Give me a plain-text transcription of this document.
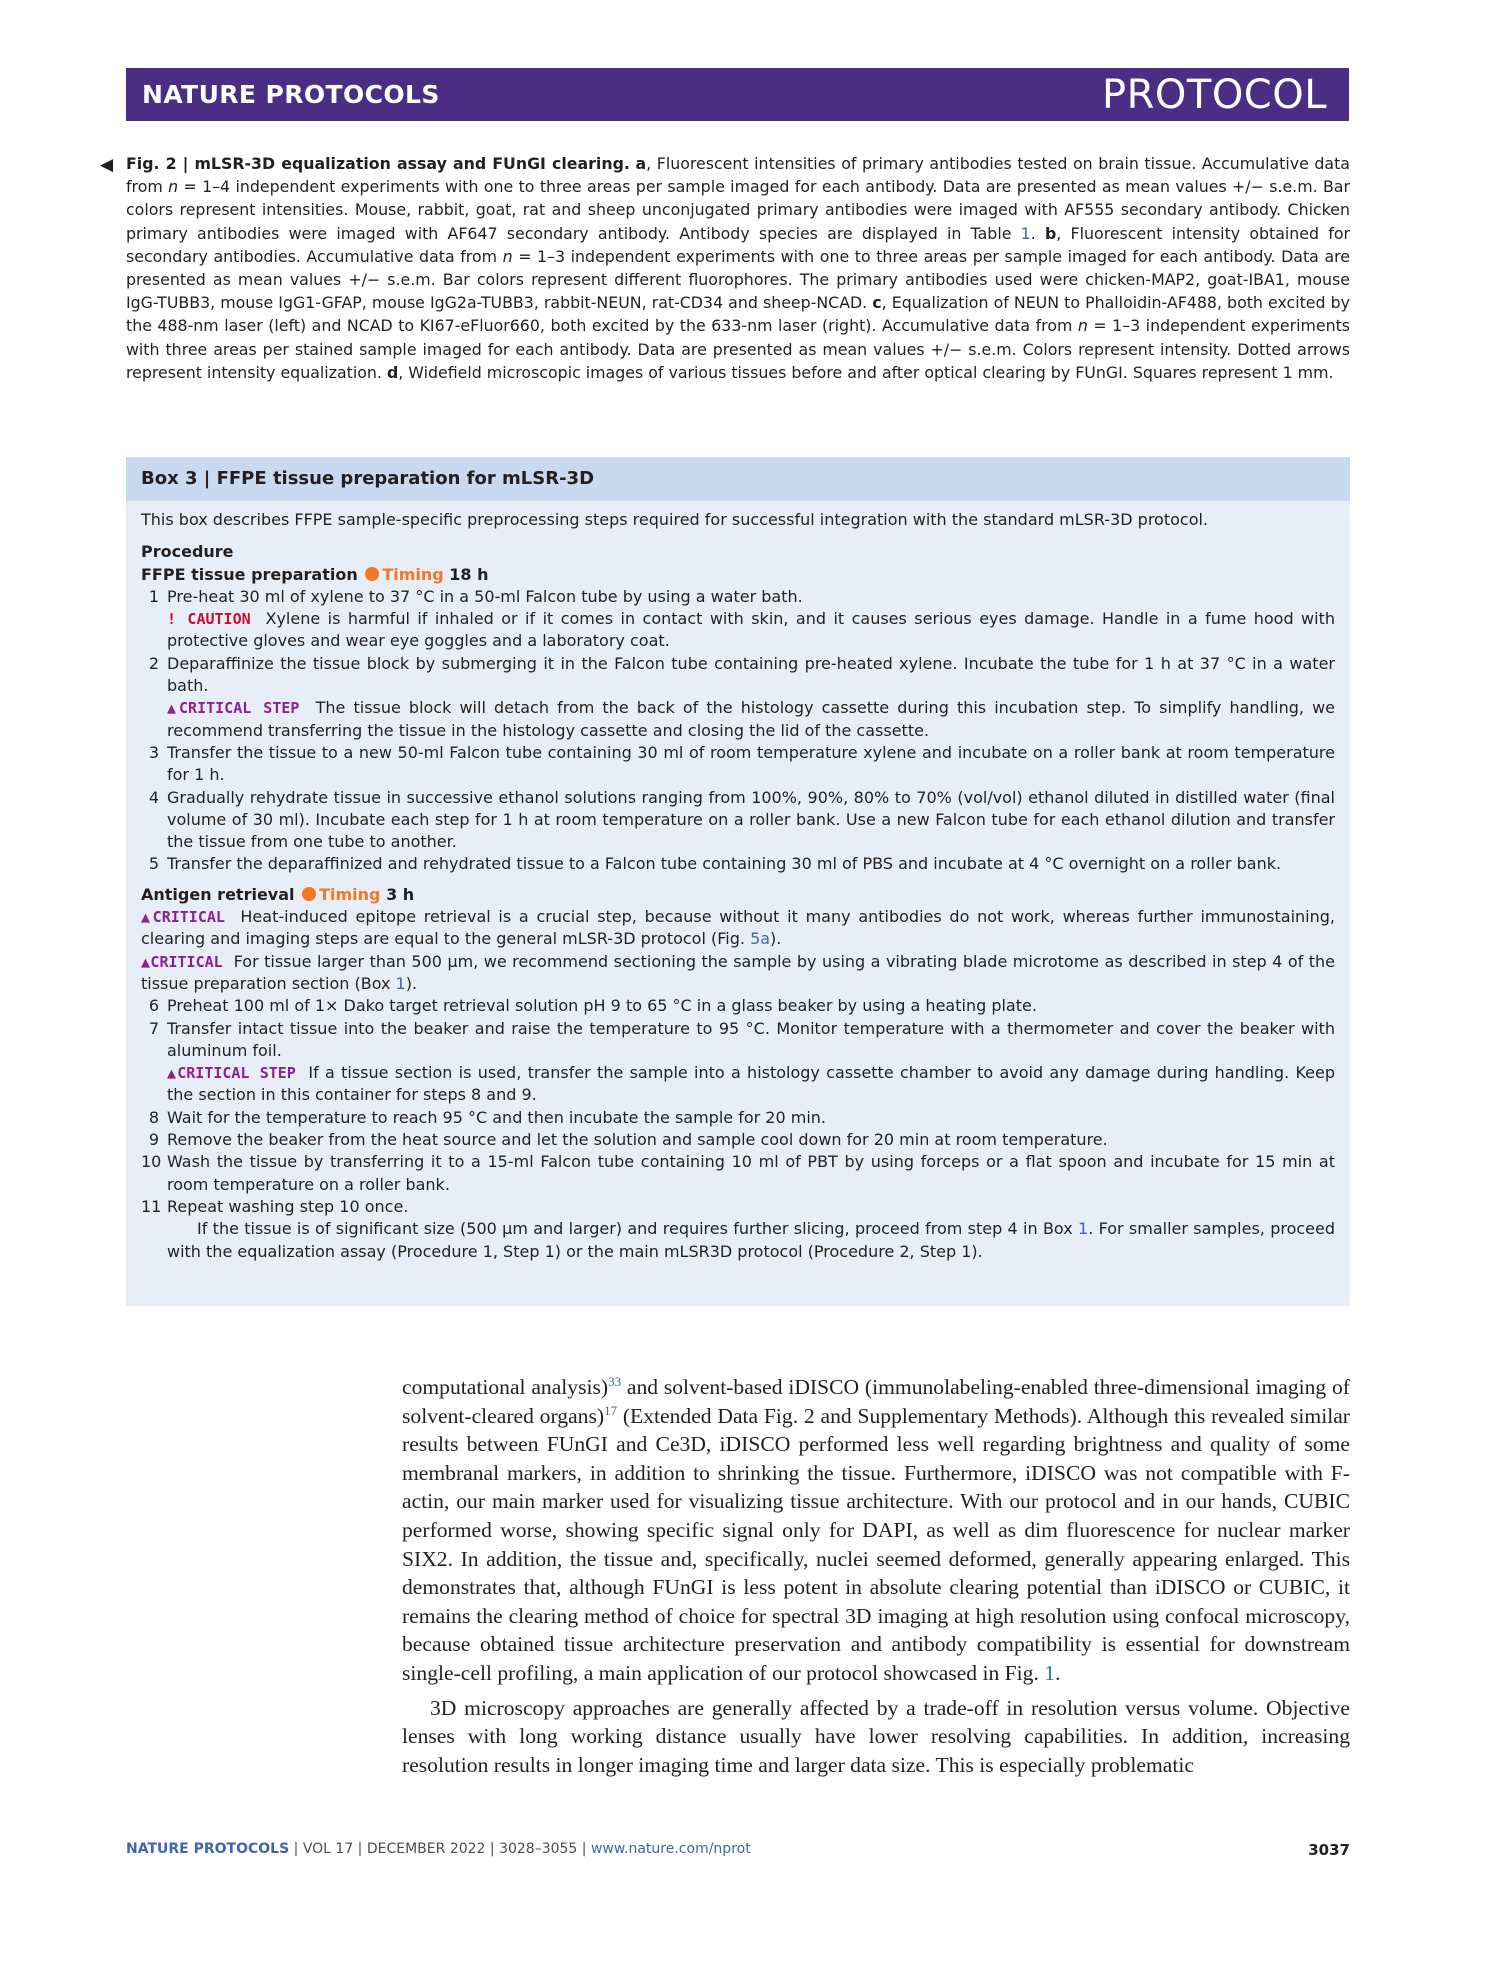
NATURE PROTOCOLS	PROTOCOL
◀ Fig. 2 | mLSR-3D equalization assay and FUnGI clearing. a, Fluorescent intensities of primary antibodies tested on brain tissue. Accumulative data from n = 1–4 independent experiments with one to three areas per sample imaged for each antibody. Data are presented as mean values +/− s.e.m. Bar colors represent intensities. Mouse, rabbit, goat, rat and sheep unconjugated primary antibodies were imaged with AF555 secondary antibody. Chicken primary antibodies were imaged with AF647 secondary antibody. Antibody species are displayed in Table 1. b, Fluorescent intensity obtained for secondary antibodies. Accumulative data from n = 1–3 independent experiments with one to three areas per sample imaged for each antibody. Data are presented as mean values +/− s.e.m. Bar colors represent different fluorophores. The primary antibodies used were chicken-MAP2, goat-IBA1, mouse IgG-TUBB3, mouse IgG1-GFAP, mouse IgG2a-TUBB3, rabbit-NEUN, rat-CD34 and sheep-NCAD. c, Equalization of NEUN to Phalloidin-AF488, both excited by the 488-nm laser (left) and NCAD to KI67-eFluor660, both excited by the 633-nm laser (right). Accumulative data from n = 1–3 independent experiments with three areas per stained sample imaged for each antibody. Data are presented as mean values +/− s.e.m. Colors represent intensity. Dotted arrows represent intensity equalization. d, Widefield microscopic images of various tissues before and after optical clearing by FUnGI. Squares represent 1 mm.
Box 3 | FFPE tissue preparation for mLSR-3D

This box describes FFPE sample-specific preprocessing steps required for successful integration with the standard mLSR-3D protocol.

Procedure

FFPE tissue preparation Timing 18 h

1 Pre-heat 30 ml of xylene to 37 °C in a 50-ml Falcon tube by using a water bath.
! CAUTION Xylene is harmful if inhaled or if it comes in contact with skin, and it causes serious eyes damage. Handle in a fume hood with protective gloves and wear eye goggles and a laboratory coat.
2 Deparaffinize the tissue block by submerging it in the Falcon tube containing pre-heated xylene. Incubate the tube for 1 h at 37 °C in a water bath.
▲CRITICAL STEP The tissue block will detach from the back of the histology cassette during this incubation step. To simplify handling, we recommend transferring the tissue in the histology cassette and closing the lid of the cassette.
3 Transfer the tissue to a new 50-ml Falcon tube containing 30 ml of room temperature xylene and incubate on a roller bank at room temperature for 1 h.
4 Gradually rehydrate tissue in successive ethanol solutions ranging from 100%, 90%, 80% to 70% (vol/vol) ethanol diluted in distilled water (final volume of 30 ml). Incubate each step for 1 h at room temperature on a roller bank. Use a new Falcon tube for each ethanol dilution and transfer the tissue from one tube to another.
5 Transfer the deparaffinized and rehydrated tissue to a Falcon tube containing 30 ml of PBS and incubate at 4 °C overnight on a roller bank.

Antigen retrieval Timing 3 h

▲CRITICAL Heat-induced epitope retrieval is a crucial step, because without it many antibodies do not work, whereas further immunostaining, clearing and imaging steps are equal to the general mLSR-3D protocol (Fig. 5a).
▲CRITICAL For tissue larger than 500 μm, we recommend sectioning the sample by using a vibrating blade microtome as described in step 4 of the tissue preparation section (Box 1).
6 Preheat 100 ml of 1× Dako target retrieval solution pH 9 to 65 °C in a glass beaker by using a heating plate.
7 Transfer intact tissue into the beaker and raise the temperature to 95 °C. Monitor temperature with a thermometer and cover the beaker with aluminum foil.
▲CRITICAL STEP If a tissue section is used, transfer the sample into a histology cassette chamber to avoid any damage during handling. Keep the section in this container for steps 8 and 9.
8 Wait for the temperature to reach 95 °C and then incubate the sample for 20 min.
9 Remove the beaker from the heat source and let the solution and sample cool down for 20 min at room temperature.
10 Wash the tissue by transferring it to a 15-ml Falcon tube containing 10 ml of PBT by using forceps or a flat spoon and incubate for 15 min at room temperature on a roller bank.
11 Repeat washing step 10 once.
If the tissue is of significant size (500 μm and larger) and requires further slicing, proceed from step 4 in Box 1. For smaller samples, proceed with the equalization assay (Procedure 1, Step 1) or the main mLSR3D protocol (Procedure 2, Step 1).

computational analysis)$^{33}$ and solvent-based iDISCO (immunolabeling-enabled three-dimensional imaging of solvent-cleared organs)$^{17}$ (Extended Data Fig. 2 and Supplementary Methods). Although this revealed similar results between FUnGI and Ce3D, iDISCO performed less well regarding brightness and quality of some membranal markers, in addition to shrinking the tissue. Furthermore, iDISCO was not compatible with F-actin, our main marker used for visualizing tissue architecture. With our protocol and in our hands, CUBIC performed worse, showing specific signal only for DAPI, as well as dim fluorescence for nuclear marker SIX2. In addition, the tissue and, specifically, nuclei seemed deformed, generally appearing enlarged. This demonstrates that, although FUnGI is less potent in absolute clearing potential than iDISCO or CUBIC, it remains the clearing method of choice for spectral 3D imaging at high resolution using confocal microscopy, because obtained tissue architecture preservation and antibody compatibility is essential for downstream single-cell profiling, a main application of our protocol showcased in Fig. 1.

3D microscopy approaches are generally affected by a trade-off in resolution versus volume. Objective lenses with long working distance usually have lower resolving capabilities. In addition, increasing resolution results in longer imaging time and larger data size. This is especially problematic

NATURE PROTOCOLS | VOL 17 | DECEMBER 2022 | 3028–3055 | www.nature.com/nprot	3037
